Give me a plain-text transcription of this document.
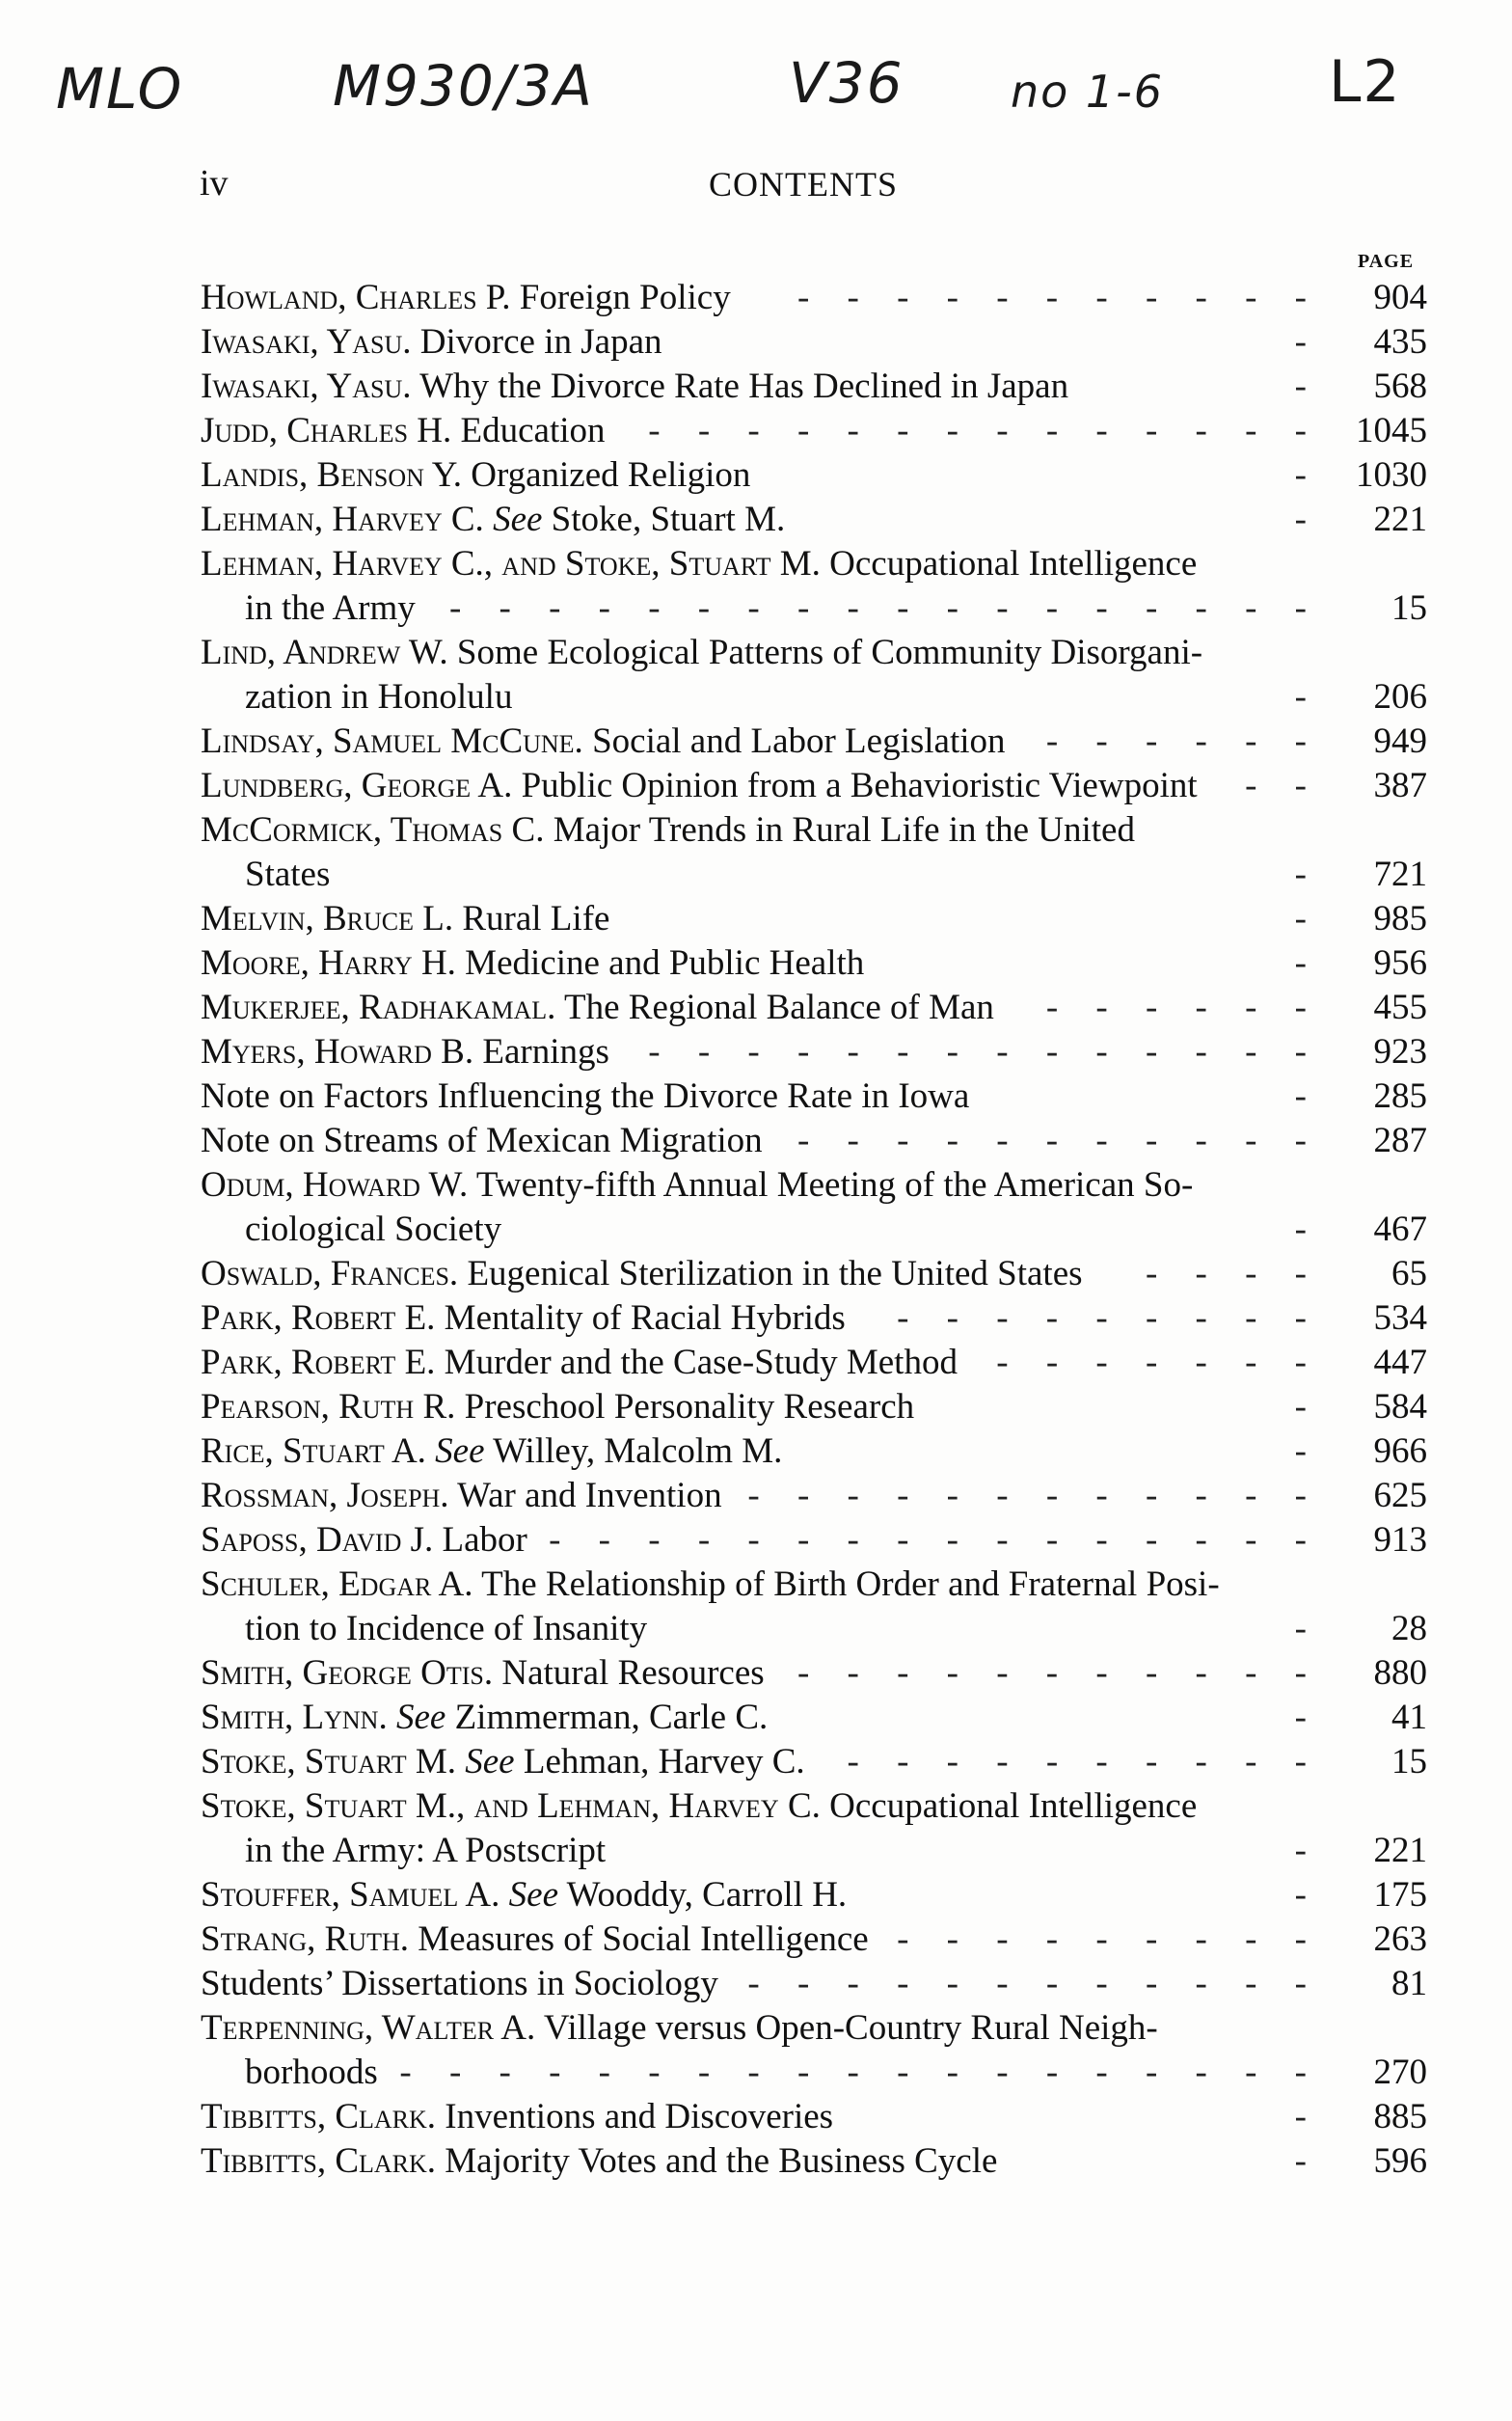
MLO	M930/3A	V36 no 1-6	L2
iv	CONTENTS
PAGE
Howland, Charles P. Foreign Policy	- - - - - - - - - - -	904
Iwasaki, Yasu. Divorce in Japan	-	435
Iwasaki, Yasu. Why the Divorce Rate Has Declined in Japan	-	568
Judd, Charles H. Education	- - - - - - - - - - - - - - 1045
Landis, Benson Y. Organized Religion	- 1030
Lehman, Harvey C. See Stoke, Stuart M.	-	221
Lehman, Harvey C., and Stoke, Stuart M. Occupational Intelligence
in the Army - - - - - - - - - - - - - - - - - -	15
Lind, Andrew W. Some Ecological Patterns of Community Disorgani-
zation in Honolulu	-	206
Lindsay, Samuel McCune. Social and Labor Legislation	- - - - - -	949
Lundberg, George A. Public Opinion from a Behavioristic Viewpoint	- -	387
McCormick, Thomas C. Major Trends in Rural Life in the United
States	-	721
Melvin, Bruce L. Rural Life	-	985
Moore, Harry H. Medicine and Public Health	-	956
Mukerjee, Radhakamal. The Regional Balance of Man	- - - - - -	455
Myers, Howard B. Earnings	- - - - - - - - - - - - - -	923
Note on Factors Influencing the Divorce Rate in Iowa	-	285
Note on Streams of Mexican Migration - - - - - - - - - - -	287
Odum, Howard W. Twenty-fifth Annual Meeting of the American So-
ciological Society	-	467
Oswald, Frances. Eugenical Sterilization in the United States	- - - -	65
Park, Robert E. Mentality of Racial Hybrids	- - - - - - - - -	534
Park, Robert E. Murder and the Case-Study Method	- - - - - - -	447
Pearson, Ruth R. Preschool Personality Research	-	584
Rice, Stuart A. See Willey, Malcolm M.	-	966
Rossman, Joseph. War and Invention - - - - - - - - - - - -	625
Saposs, David J. Labor - - - - - - - - - - - - - - - -	913
Schuler, Edgar A. The Relationship of Birth Order and Fraternal Posi-
tion to Incidence of Insanity	-	28
Smith, George Otis. Natural Resources - - - - - - - - - - -	880
Smith, Lynn. See Zimmerman, Carle C.	-	41
Stoke, Stuart M. See Lehman, Harvey C.	- - - - - - - - - -	15
Stoke, Stuart M., and Lehman, Harvey C. Occupational Intelligence
in the Army: A Postscript	-	221
Stouffer, Samuel A. See Wooddy, Carroll H.	-	175
Strang, Ruth. Measures of Social Intelligence - - - - - - - - -	263
Students’ Dissertations in Sociology - - - - - - - - - - - -	81
Terpenning, Walter A. Village versus Open-Country Rural Neigh-
borhoods - - - - - - - - - - - - - - - - - - -	270
Tibbitts, Clark. Inventions and Discoveries	-	885
Tibbitts, Clark. Majority Votes and the Business Cycle	-	596
